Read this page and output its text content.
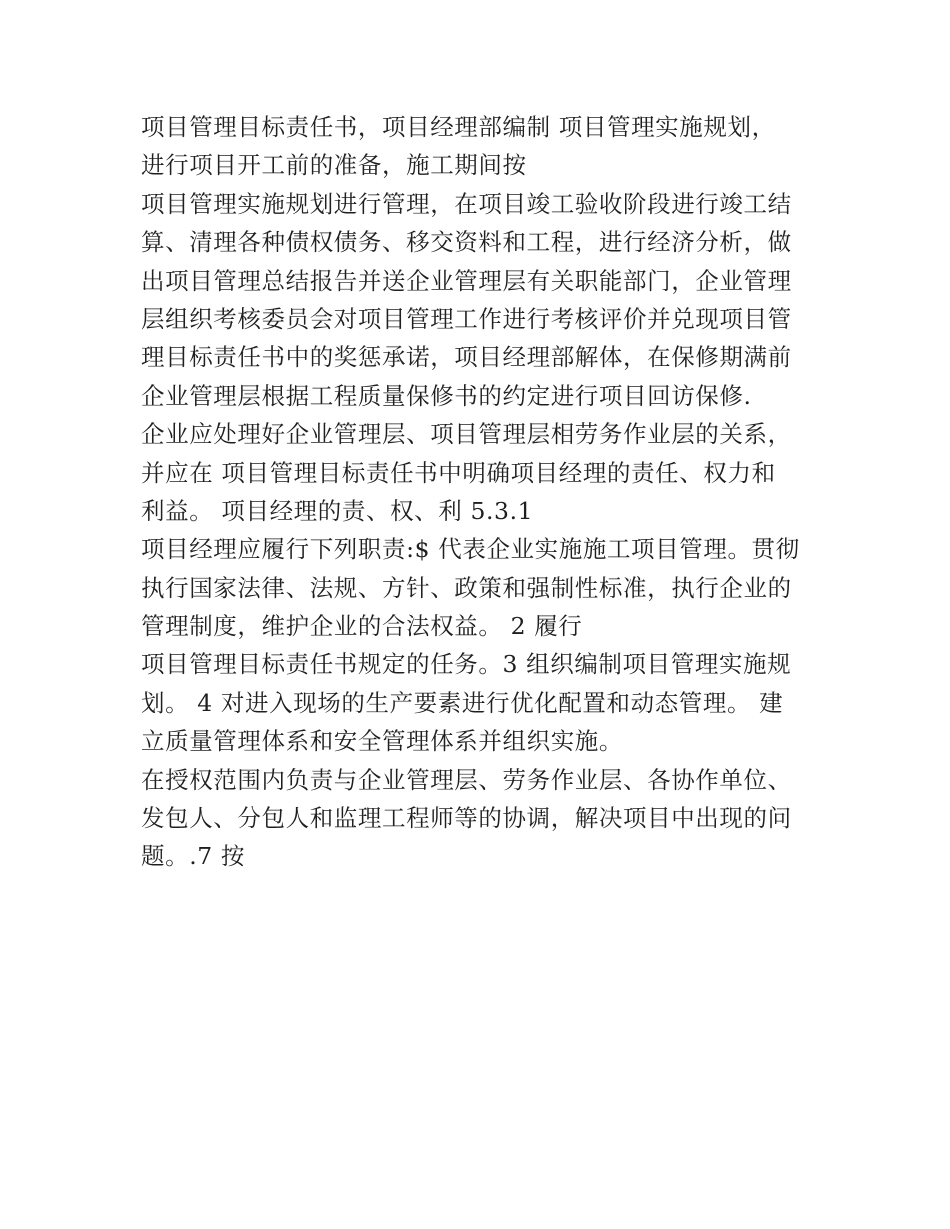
项目管理目标责任书，项目经理部编制 项目管理实施规划，
进行项目开工前的准备，施工期间按
项目管理实施规划进行管理，在项目竣工验收阶段进行竣工结
算、清理各种债权债务、移交资料和工程，进行经济分析，做
出项目管理总结报告并送企业管理层有关职能部门，企业管理
层组织考核委员会对项目管理工作进行考核评价并兑现项目管
理目标责任书中的奖惩承诺，项目经理部解体，在保修期满前
企业管理层根据工程质量保修书的约定进行项目回访保修.
企业应处理好企业管理层、项目管理层相劳务作业层的关系，
并应在 项目管理目标责任书中明确项目经理的责任、权力和
利益。 项目经理的责、权、利 5.3.1
项目经理应履行下列职责:$ 代表企业实施施工项目管理。贯彻
执行国家法律、法规、方针、政策和强制性标准，执行企业的
管理制度，维护企业的合法权益。 2 履行
项目管理目标责任书规定的任务。3 组织编制项目管理实施规
划。 4 对进入现场的生产要素进行优化配置和动态管理。 建
立质量管理体系和安全管理体系并组织实施。
在授权范围内负责与企业管理层、劳务作业层、各协作单位、
发包人、分包人和监理工程师等的协调，解决项目中出现的问
题。.7 按
